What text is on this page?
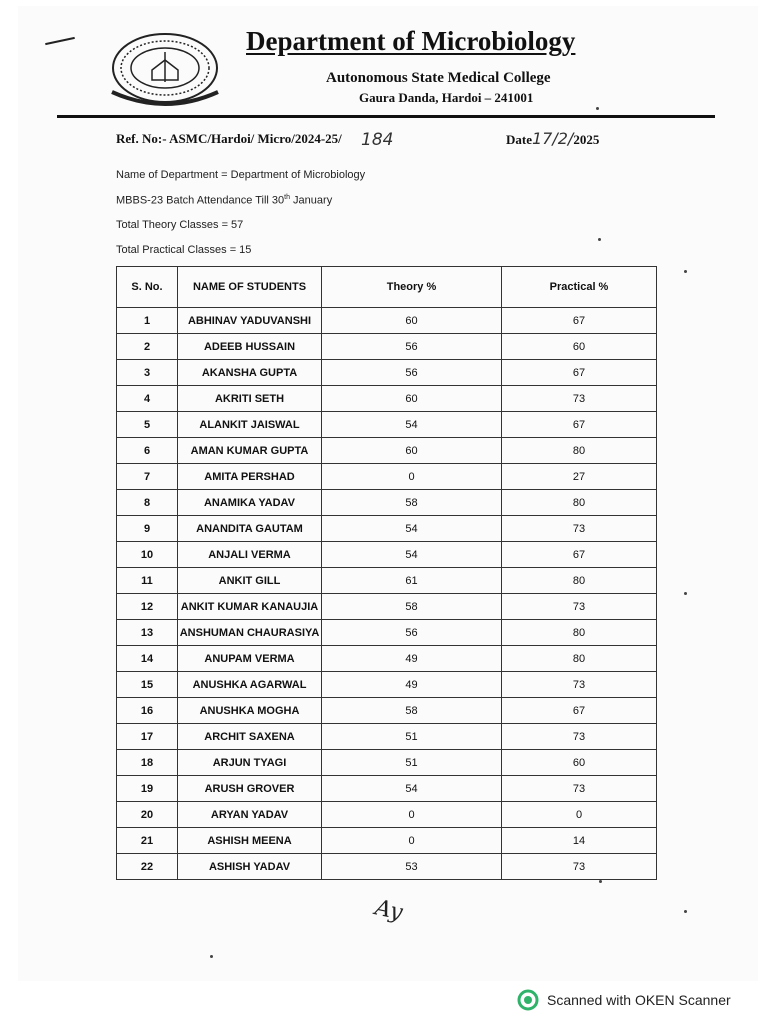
Department of Microbiology
Autonomous State Medical College
Gaura Danda, Hardoi – 241001
Ref. No:- ASMC/Hardoi/ Micro/2024-25/ 184	Date17/2/2025
Name of Department = Department of Microbiology
MBBS-23 Batch Attendance Till 30th January
Total Theory Classes = 57
Total Practical Classes = 15
S. No.	NAME OF STUDENTS	Theory %	Practical %
1	ABHINAV YADUVANSHI	60	67
2	ADEEB HUSSAIN	56	60
3	AKANSHA GUPTA	56	67
4	AKRITI SETH	60	73
5	ALANKIT JAISWAL	54	67
6	AMAN KUMAR GUPTA	60	80
7	AMITA PERSHAD	0	27
8	ANAMIKA YADAV	58	80
9	ANANDITA GAUTAM	54	73
10	ANJALI VERMA	54	67
11	ANKIT GILL	61	80
12	ANKIT KUMAR KANAUJIA	58	73
13	ANSHUMAN CHAURASIYA	56	80
14	ANUPAM VERMA	49	80
15	ANUSHKA AGARWAL	49	73
16	ANUSHKA MOGHA	58	67
17	ARCHIT SAXENA	51	73
18	ARJUN TYAGI	51	60
19	ARUSH GROVER	54	73
20	ARYAN YADAV	0	0
21	ASHISH MEENA	0	14
22	ASHISH YADAV	53	73
Ay
Scanned with OKEN Scanner
